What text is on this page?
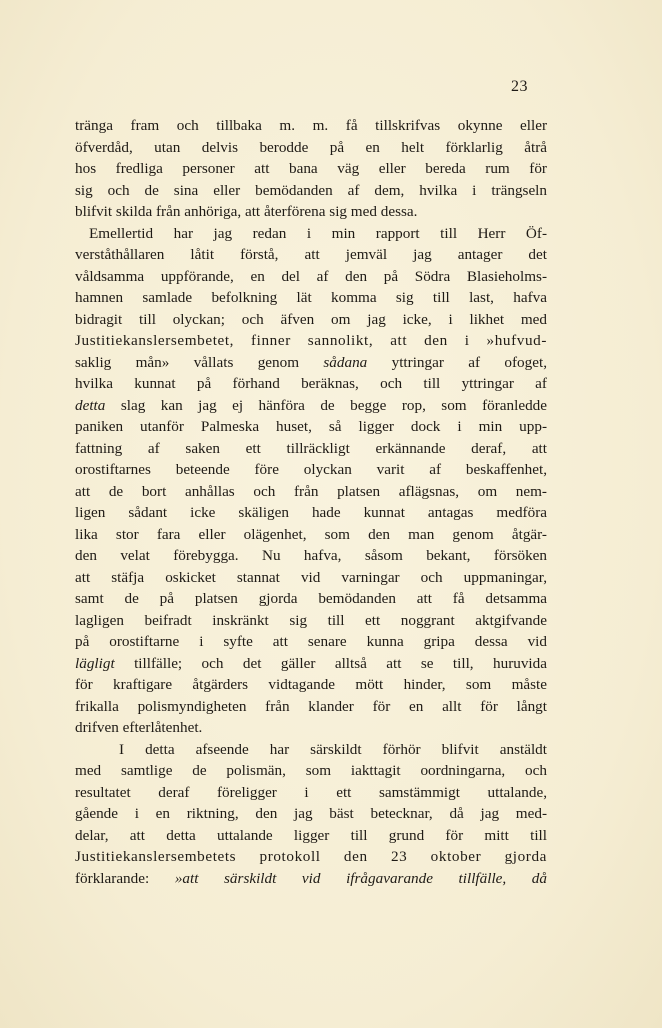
23
tränga fram och tillbaka m. m. få tillskrifvas okynne eller
öfverdåd, utan delvis berodde på en helt förklarlig åtrå
hos fredliga personer att bana väg eller bereda rum för
sig och de sina eller bemödanden af dem, hvilka i trängseln
blifvit skilda från anhöriga, att återförena sig med dessa.
Emellertid har jag redan i min rapport till Herr Öf-
verståthållaren låtit förstå, att jemväl jag antager det
våldsamma uppförande, en del af den på Södra Blasieholms-
hamnen samlade befolkning lät komma sig till last, hafva
bidragit till olyckan; och äfven om jag icke, i likhet med
Justitiekanslersembetet, finner sannolikt, att den i »hufvud-
saklig mån» vållats genom sådana yttringar af ofoget,
hvilka kunnat på förhand beräknas, och till yttringar af
detta slag kan jag ej hänföra de begge rop, som föranledde
paniken utanför Palmeska huset, så ligger dock i min upp-
fattning af saken ett tillräckligt erkännande deraf, att
orostiftarnes beteende före olyckan varit af beskaffenhet,
att de bort anhållas och från platsen aflägsnas, om nem-
ligen sådant icke skäligen hade kunnat antagas medföra
lika stor fara eller olägenhet, som den man genom åtgär-
den velat förebygga. Nu hafva, såsom bekant, försöken
att stäfja oskicket stannat vid varningar och uppmaningar,
samt de på platsen gjorda bemödanden att få detsamma
lagligen beifradt inskränkt sig till ett noggrant aktgifvande
på orostiftarne i syfte att senare kunna gripa dessa vid
lägligt tillfälle; och det gäller alltså att se till, huruvida
för kraftigare åtgärders vidtagande mött hinder, som måste
frikalla polismyndigheten från klander för en allt för långt
drifven efterlåtenhet.
I detta afseende har särskildt förhör blifvit anstäldt
med samtlige de polismän, som iakttagit oordningarna, och
resultatet deraf föreligger i ett samstämmigt uttalande,
gående i en riktning, den jag bäst betecknar, då jag med-
delar, att detta uttalande ligger till grund för mitt till
Justitiekanslersembetets protokoll den 23 oktober gjorda
förklarande: »att särskildt vid ifrågavarande tillfälle, då
